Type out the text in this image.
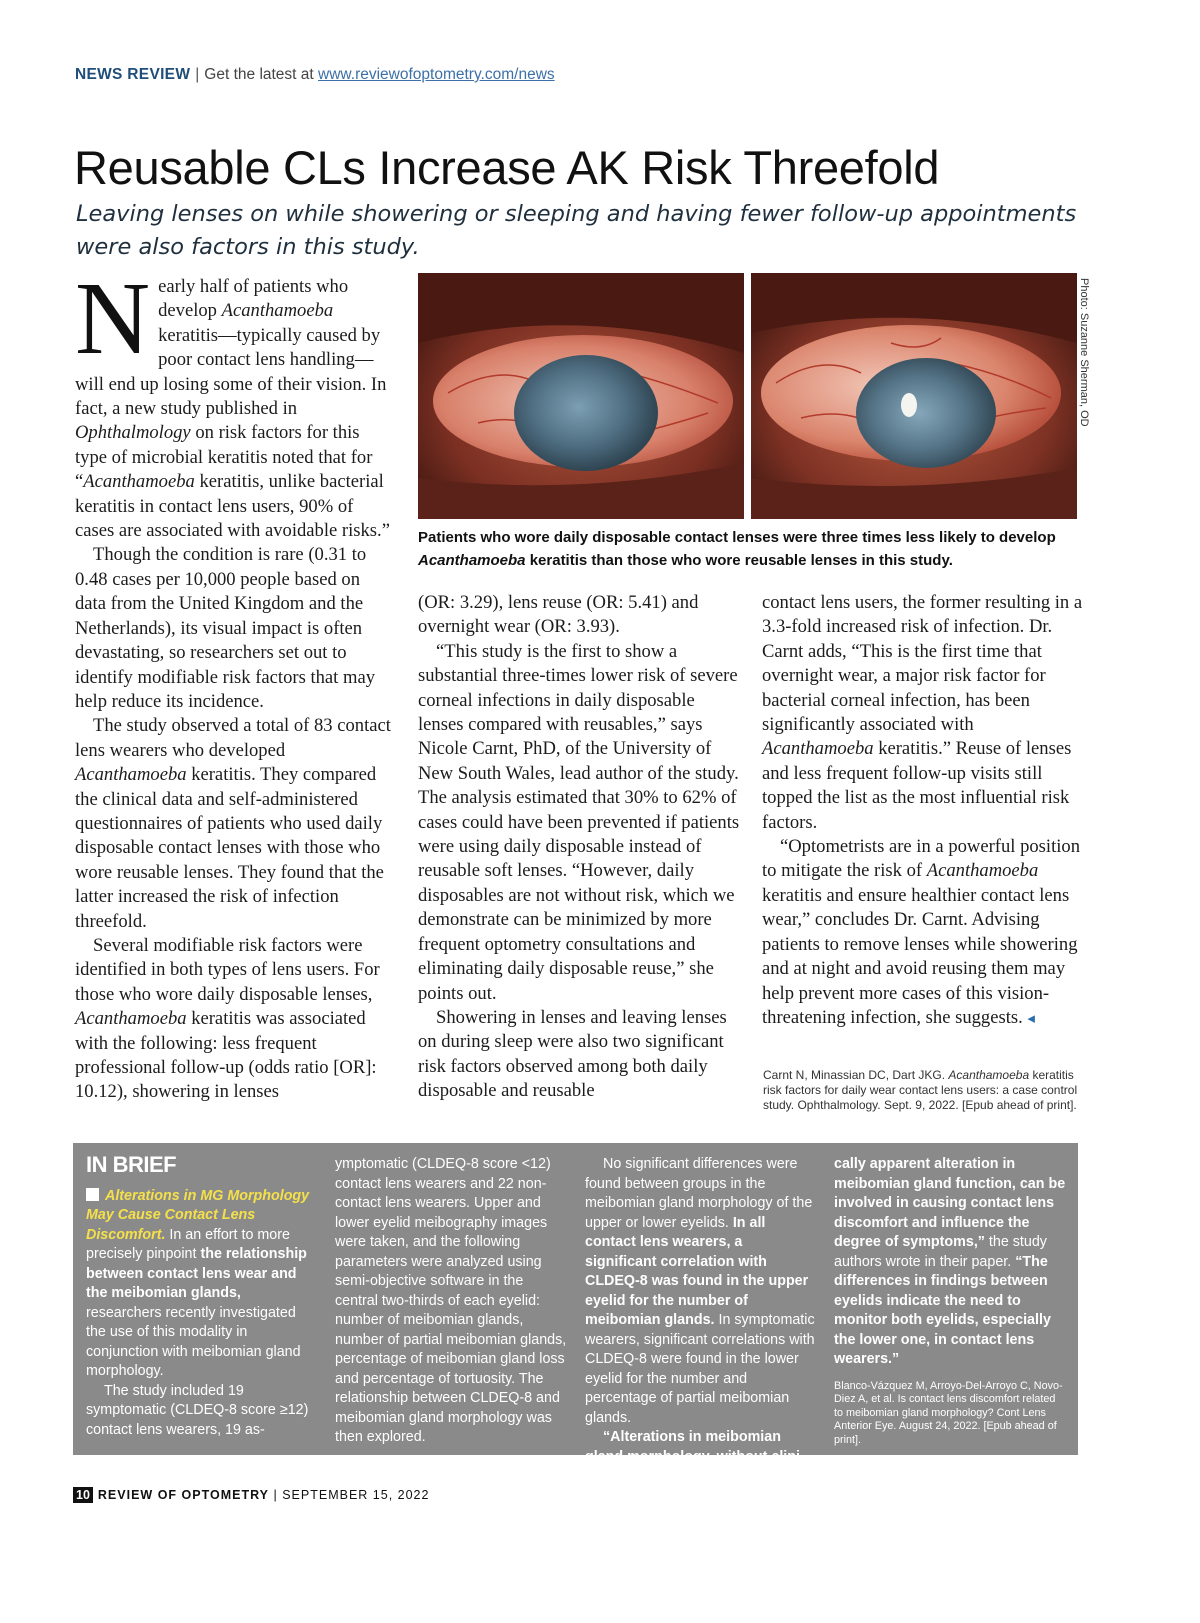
NEWS REVIEW | Get the latest at www.reviewofoptometry.com/news
Reusable CLs Increase AK Risk Threefold
Leaving lenses on while showering or sleeping and having fewer follow-up appointments were also factors in this study.

Nearly half of patients who develop Acanthamoeba keratitis—typically caused by poor contact lens handling—will end up losing some of their vision. In fact, a new study published in Ophthalmology on risk factors for this type of microbial keratitis noted that for “Acanthamoeba keratitis, unlike bacterial keratitis in contact lens users, 90% of cases are associated with avoidable risks.”

Though the condition is rare (0.31 to 0.48 cases per 10,000 people based on data from the United Kingdom and the Netherlands), its visual impact is often devastating, so researchers set out to identify modifiable risk factors that may help reduce its incidence.

The study observed a total of 83 contact lens wearers who developed Acanthamoeba keratitis. They compared the clinical data and self-administered questionnaires of patients who used daily disposable contact lenses with those who wore reusable lenses. They found that the latter increased the risk of infection threefold.

Several modifiable risk factors were identified in both types of lens users. For those who wore daily disposable lenses, Acanthamoeba keratitis was associated with the following: less frequent professional follow-up (odds ratio [OR]: 10.12), showering in lenses

Photo: Suzanne Sherman, OD
Patients who wore daily disposable contact lenses were three times less likely to develop Acanthamoeba keratitis than those who wore reusable lenses in this study.

(OR: 3.29), lens reuse (OR: 5.41) and overnight wear (OR: 3.93).

“This study is the first to show a substantial three-times lower risk of severe corneal infections in daily disposable lenses compared with reusables,” says Nicole Carnt, PhD, of the University of New South Wales, lead author of the study. The analysis estimated that 30% to 62% of cases could have been prevented if patients were using daily disposable instead of reusable soft lenses. “However, daily disposables are not without risk, which we demonstrate can be minimized by more frequent optometry consultations and eliminating daily disposable reuse,” she points out.

Showering in lenses and leaving lenses on during sleep were also two significant risk factors observed among both daily disposable and reusable

contact lens users, the former resulting in a 3.3-fold increased risk of infection. Dr. Carnt adds, “This is the first time that overnight wear, a major risk factor for bacterial corneal infection, has been significantly associated with Acanthamoeba keratitis.” Reuse of lenses and less frequent follow-up visits still topped the list as the most influential risk factors.

“Optometrists are in a powerful position to mitigate the risk of Acanthamoeba keratitis and ensure healthier contact lens wear,” concludes Dr. Carnt. Advising patients to remove lenses while showering and at night and avoid reusing them may help prevent more cases of this vision-threatening infection, she suggests. ◂

Carnt N, Minassian DC, Dart JKG. Acanthamoeba keratitis risk factors for daily wear contact lens users: a case control study. Ophthalmology. Sept. 9, 2022. [Epub ahead of print].
IN BRIEF

Alterations in MG Morphology May Cause Contact Lens Discomfort. In an effort to more precisely pinpoint the relationship between contact lens wear and the meibomian glands, researchers recently investigated the use of this modality in conjunction with meibomian gland morphology.

The study included 19 symptomatic (CLDEQ-8 score ≥12) contact lens wearers, 19 as-

ymptomatic (CLDEQ-8 score <12) contact lens wearers and 22 non-contact lens wearers. Upper and lower eyelid meibography images were taken, and the following parameters were analyzed using semi-objective software in the central two-thirds of each eyelid: number of meibomian glands, number of partial meibomian glands, percentage of meibomian gland loss and percentage of tortuosity. The relationship between CLDEQ-8 and meibomian gland morphology was then explored.

No significant differences were found between groups in the meibomian gland morphology of the upper or lower eyelids. In all contact lens wearers, a significant correlation with CLDEQ-8 was found in the upper eyelid for the number of meibomian glands. In symptomatic wearers, significant correlations with CLDEQ-8 were found in the lower eyelid for the number and percentage of partial meibomian glands.

“Alterations in meibomian gland morphology, without clini-

cally apparent alteration in meibomian gland function, can be involved in causing contact lens discomfort and influence the degree of symptoms,” the study authors wrote in their paper. “The differences in findings between eyelids indicate the need to monitor both eyelids, especially the lower one, in contact lens wearers.”

Blanco-Vázquez M, Arroyo-Del-Arroyo C, Novo-Diez A, et al. Is contact lens discomfort related to meibomian gland morphology? Cont Lens Anterior Eye. August 24, 2022. [Epub ahead of print].

10 REVIEW OF OPTOMETRY | SEPTEMBER 15, 2022
